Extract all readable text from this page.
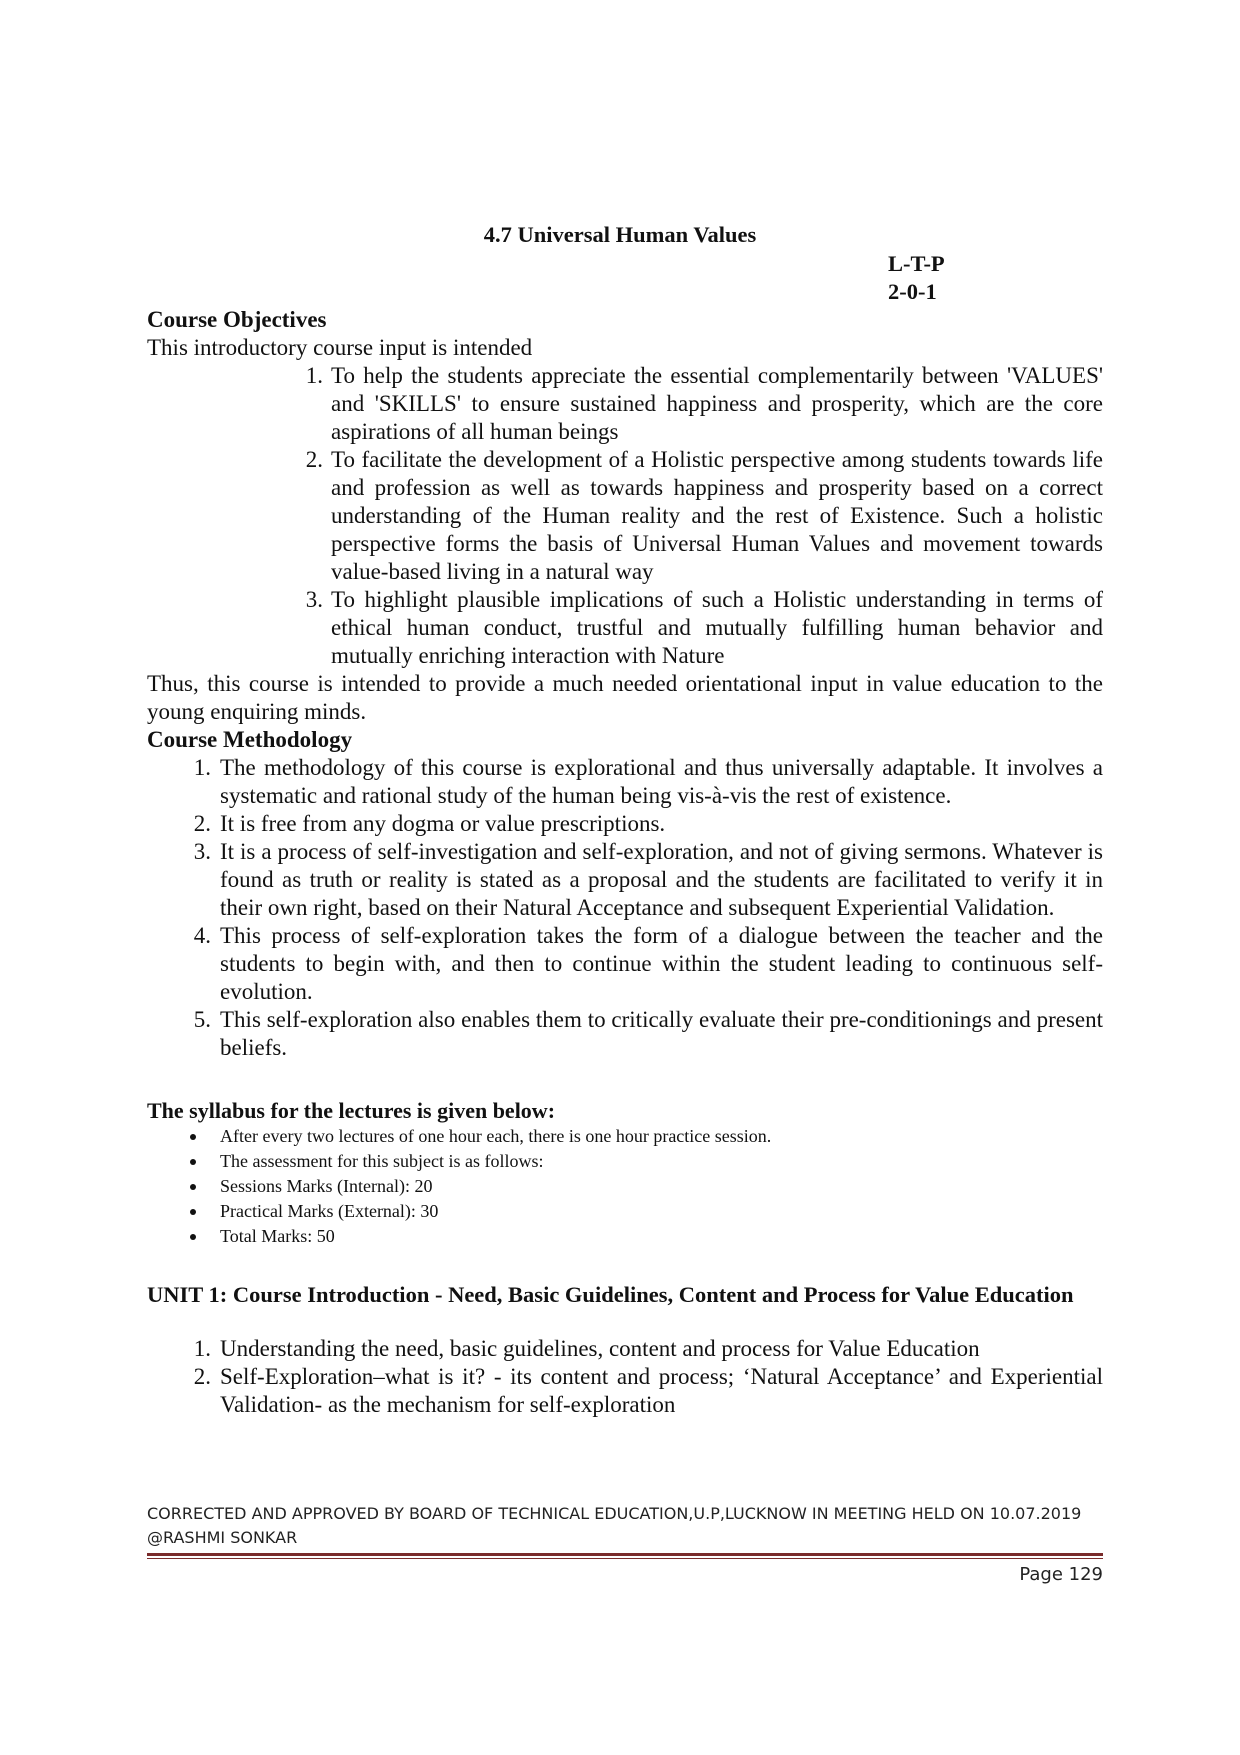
4.7 Universal Human Values
L-T-P
2-0-1
Course Objectives
This introductory course input is intended
1. To help the students appreciate the essential complementarily between 'VALUES' and 'SKILLS' to ensure sustained happiness and prosperity, which are the core aspirations of all human beings
2. To facilitate the development of a Holistic perspective among students towards life and profession as well as towards happiness and prosperity based on a correct understanding of the Human reality and the rest of Existence. Such a holistic perspective forms the basis of Universal Human Values and movement towards value-based living in a natural way
3. To highlight plausible implications of such a Holistic understanding in terms of ethical human conduct, trustful and mutually fulfilling human behavior and mutually enriching interaction with Nature
Thus, this course is intended to provide a much needed orientational input in value education to the young enquiring minds.
Course Methodology
1. The methodology of this course is explorational and thus universally adaptable. It involves a systematic and rational study of the human being vis-à-vis the rest of existence.
2. It is free from any dogma or value prescriptions.
3. It is a process of self-investigation and self-exploration, and not of giving sermons. Whatever is found as truth or reality is stated as a proposal and the students are facilitated to verify it in their own right, based on their Natural Acceptance and subsequent Experiential Validation.
4. This process of self-exploration takes the form of a dialogue between the teacher and the students to begin with, and then to continue within the student leading to continuous self-evolution.
5. This self-exploration also enables them to critically evaluate their pre-conditionings and present beliefs.
The syllabus for the lectures is given below:
After every two lectures of one hour each, there is one hour practice session.
The assessment for this subject is as follows:
Sessions Marks (Internal): 20
Practical Marks (External): 30
Total Marks: 50
UNIT 1: Course Introduction - Need, Basic Guidelines, Content and Process for Value Education
1. Understanding the need, basic guidelines, content and process for Value Education
2. Self-Exploration–what is it? - its content and process; ‘Natural Acceptance’ and Experiential Validation- as the mechanism for self-exploration
CORRECTED AND APPROVED BY BOARD OF TECHNICAL EDUCATION,U.P,LUCKNOW IN MEETING HELD ON 10.07.2019 @RASHMI SONKAR
Page 129
